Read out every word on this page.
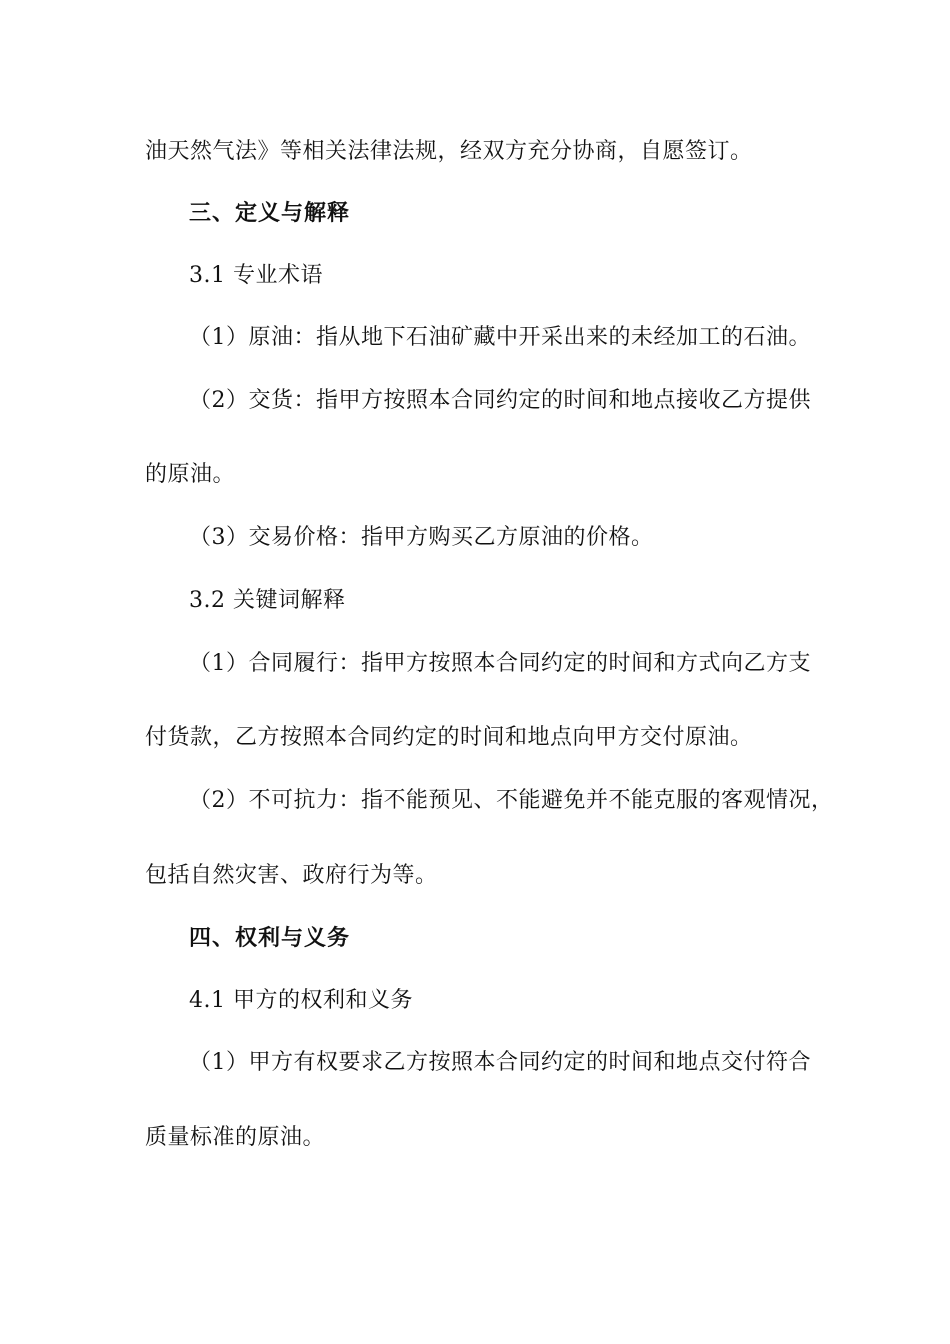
油天然气法》等相关法律法规，经双方充分协商，自愿签订。
三、定义与解释
3.1 专业术语
（1）原油：指从地下石油矿藏中开采出来的未经加工的石油。
（2）交货：指甲方按照本合同约定的时间和地点接收乙方提供
的原油。
（3）交易价格：指甲方购买乙方原油的价格。
3.2 关键词解释
（1）合同履行：指甲方按照本合同约定的时间和方式向乙方支
付货款，乙方按照本合同约定的时间和地点向甲方交付原油。
（2）不可抗力：指不能预见、不能避免并不能克服的客观情况，
包括自然灾害、政府行为等。
四、权利与义务
4.1 甲方的权利和义务
（1）甲方有权要求乙方按照本合同约定的时间和地点交付符合
质量标准的原油。
